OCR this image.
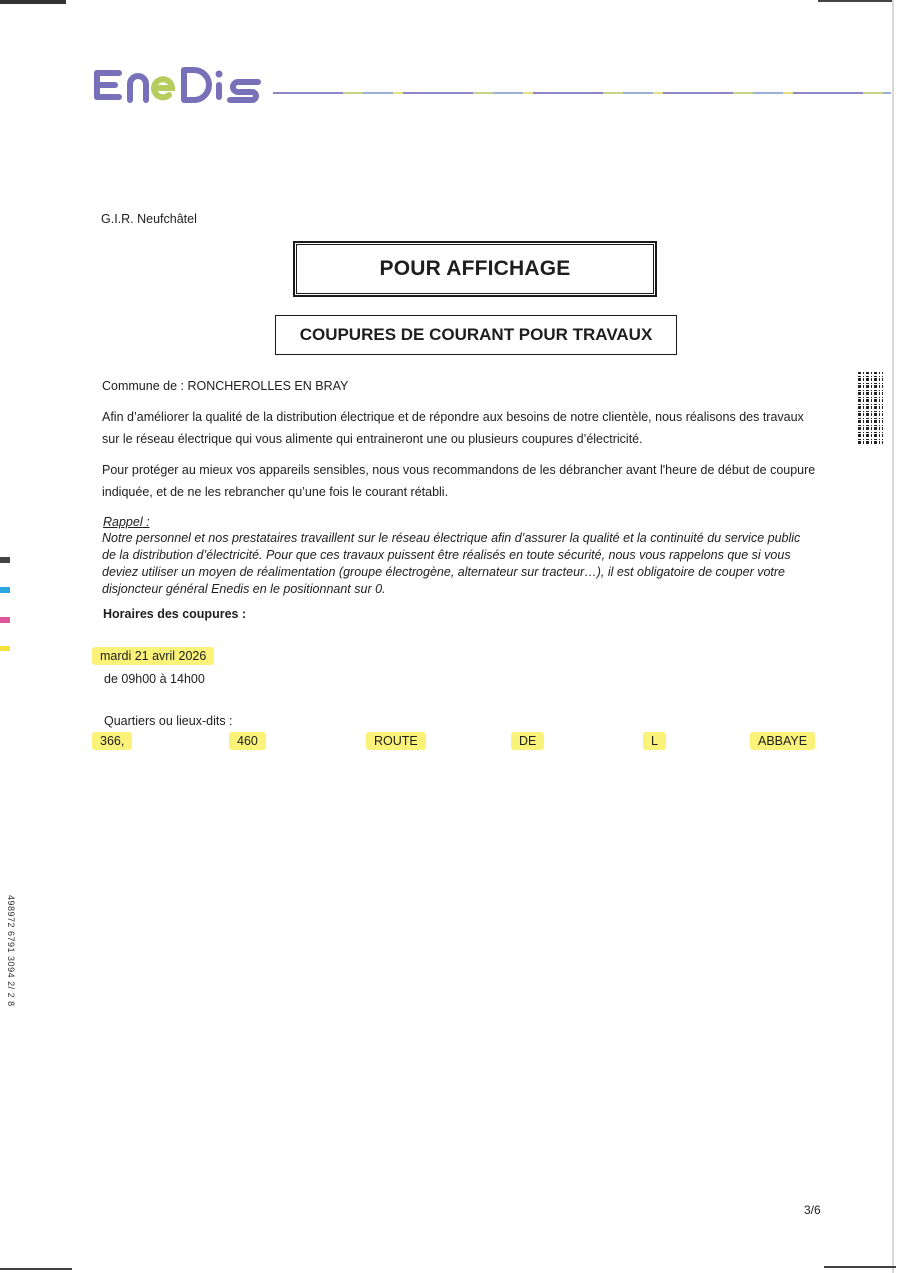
ENEDIS
G.I.R. Neufchâtel
POUR AFFICHAGE
COUPURES DE COURANT POUR TRAVAUX
Commune de : RONCHEROLLES EN BRAY
Afin d’améliorer la qualité de la distribution électrique et de répondre aux besoins de notre clientèle, nous réalisons des travaux sur le réseau électrique qui vous alimente qui entraineront une ou plusieurs coupures d’électricité.
Pour protéger au mieux vos appareils sensibles, nous vous recommandons de les débrancher avant l'heure de début de coupure indiquée, et de ne les rebrancher qu’une fois le courant rétabli.
Rappel :
Notre personnel et nos prestataires travaillent sur le réseau électrique afin d’assurer la qualité et la continuité du service public de la distribution d’électricité. Pour que ces travaux puissent être réalisés en toute sécurité, nous vous rappelons que si vous deviez utiliser un moyen de réalimentation (groupe électrogène, alternateur sur tracteur…), il est obligatoire de couper votre disjoncteur général Enedis en le positionnant sur 0.
Horaires des coupures :
mardi 21 avril 2026
de 09h00 à 14h00
Quartiers ou lieux-dits :
366,	460	ROUTE	DE	L	ABBAYE
498972 6791 3094 2/ 2 8
3/6
